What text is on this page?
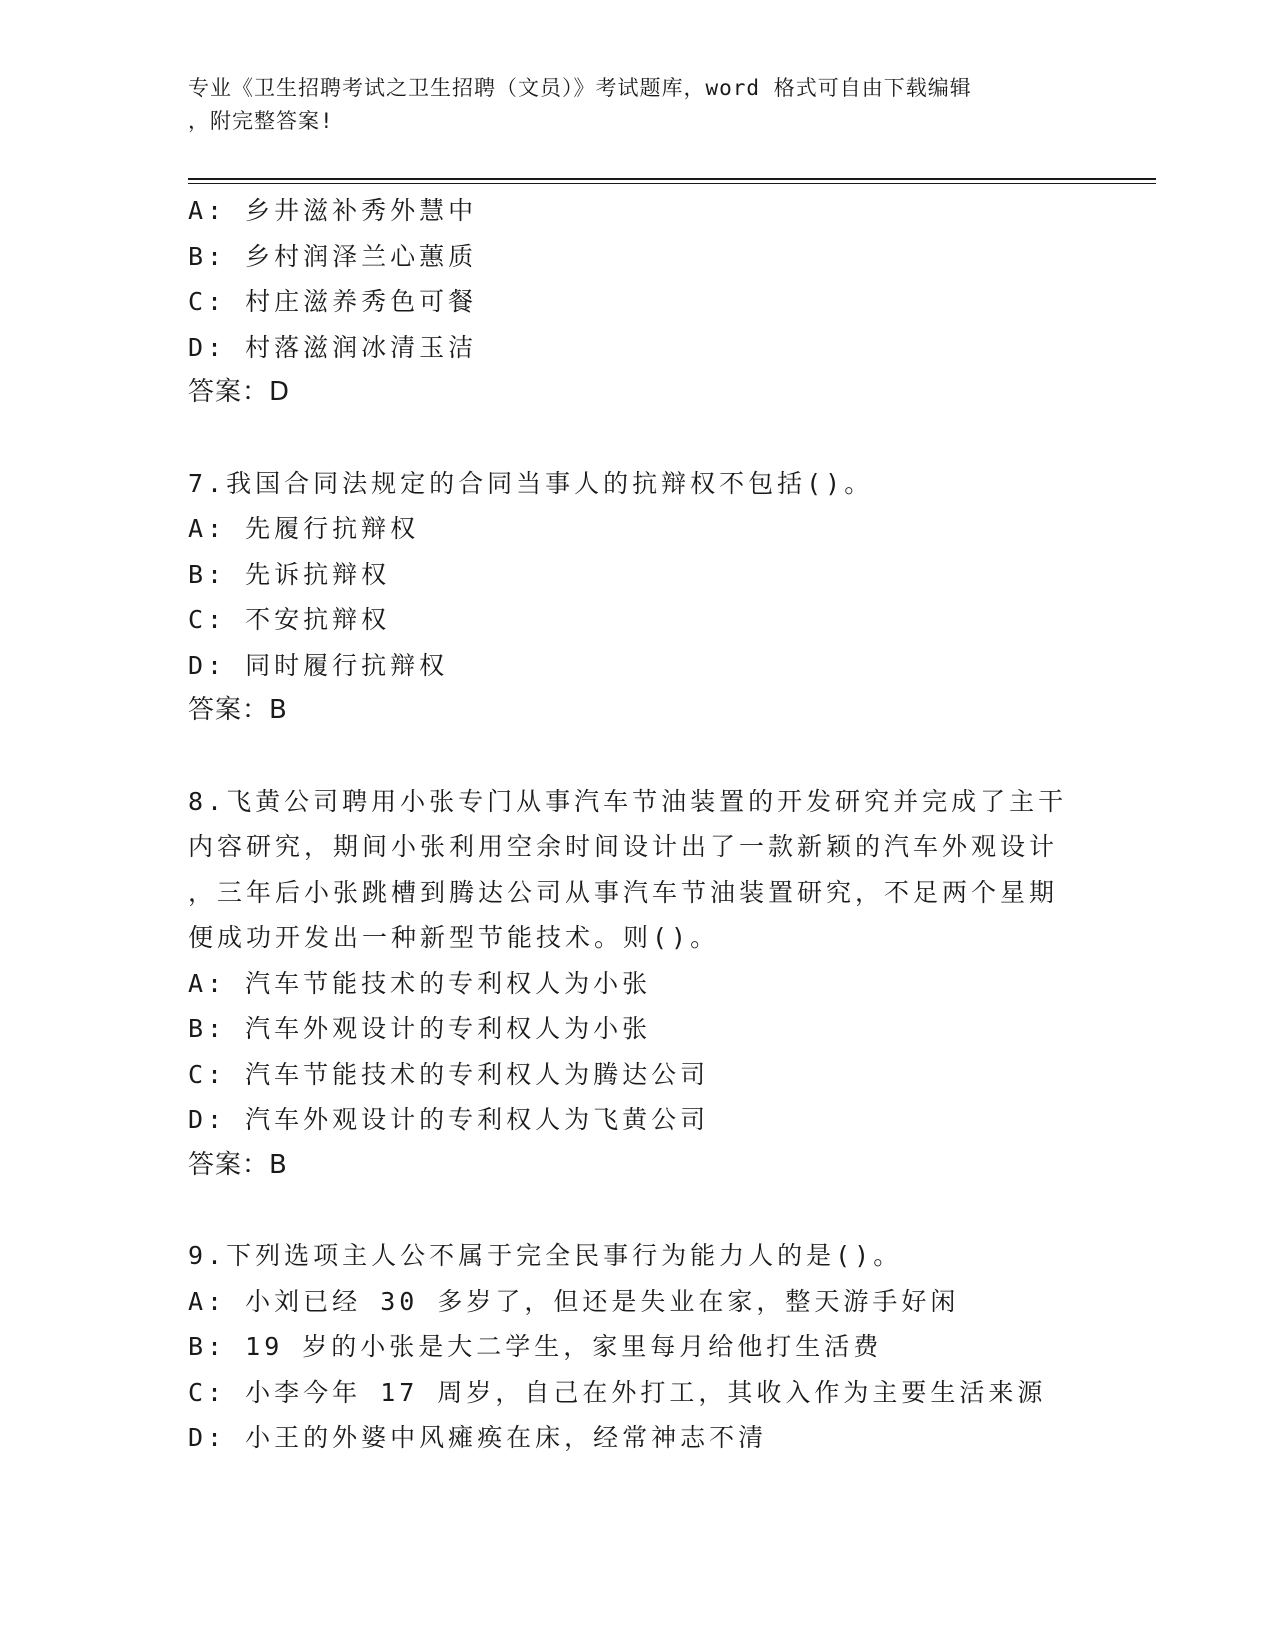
专业《卫生招聘考试之卫生招聘（文员）》考试题库，word 格式可自由下载编辑
，附完整答案!
A: 乡井滋补秀外慧中
B: 乡村润泽兰心蕙质
C: 村庄滋养秀色可餐
D: 村落滋润冰清玉洁
答案：D
7.我国合同法规定的合同当事人的抗辩权不包括()。
A: 先履行抗辩权
B: 先诉抗辩权
C: 不安抗辩权
D: 同时履行抗辩权
答案：B
8.飞黄公司聘用小张专门从事汽车节油装置的开发研究并完成了主干
内容研究，期间小张利用空余时间设计出了一款新颖的汽车外观设计
，三年后小张跳槽到腾达公司从事汽车节油装置研究，不足两个星期
便成功开发出一种新型节能技术。则()。
A: 汽车节能技术的专利权人为小张
B: 汽车外观设计的专利权人为小张
C: 汽车节能技术的专利权人为腾达公司
D: 汽车外观设计的专利权人为飞黄公司
答案：B
9.下列选项主人公不属于完全民事行为能力人的是()。
A: 小刘已经 30 多岁了，但还是失业在家，整天游手好闲
B: 19 岁的小张是大二学生，家里每月给他打生活费
C: 小李今年 17 周岁，自己在外打工，其收入作为主要生活来源
D: 小王的外婆中风瘫痪在床，经常神志不清
